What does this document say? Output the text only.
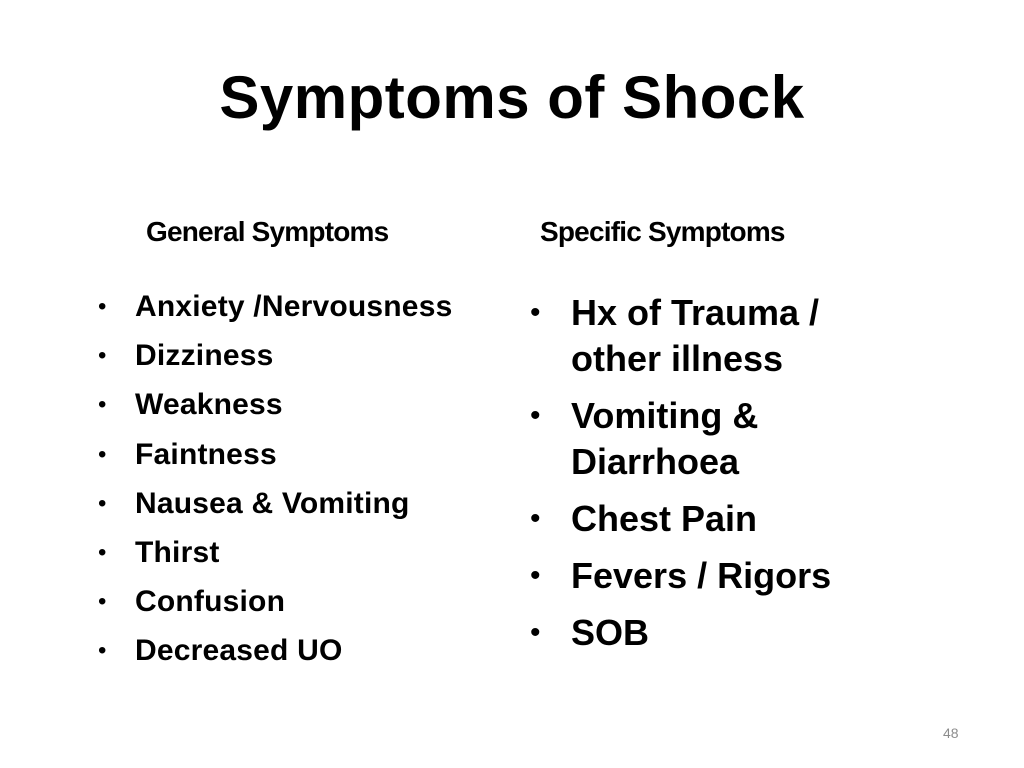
Symptoms of Shock
General Symptoms	Specific Symptoms
• Anxiety /Nervousness
• Dizziness
• Weakness
• Faintness
• Nausea & Vomiting
• Thirst
• Confusion
• Decreased UO
• Hx of Trauma / other illness
• Vomiting & Diarrhoea
• Chest Pain
• Fevers / Rigors
• SOB
48
